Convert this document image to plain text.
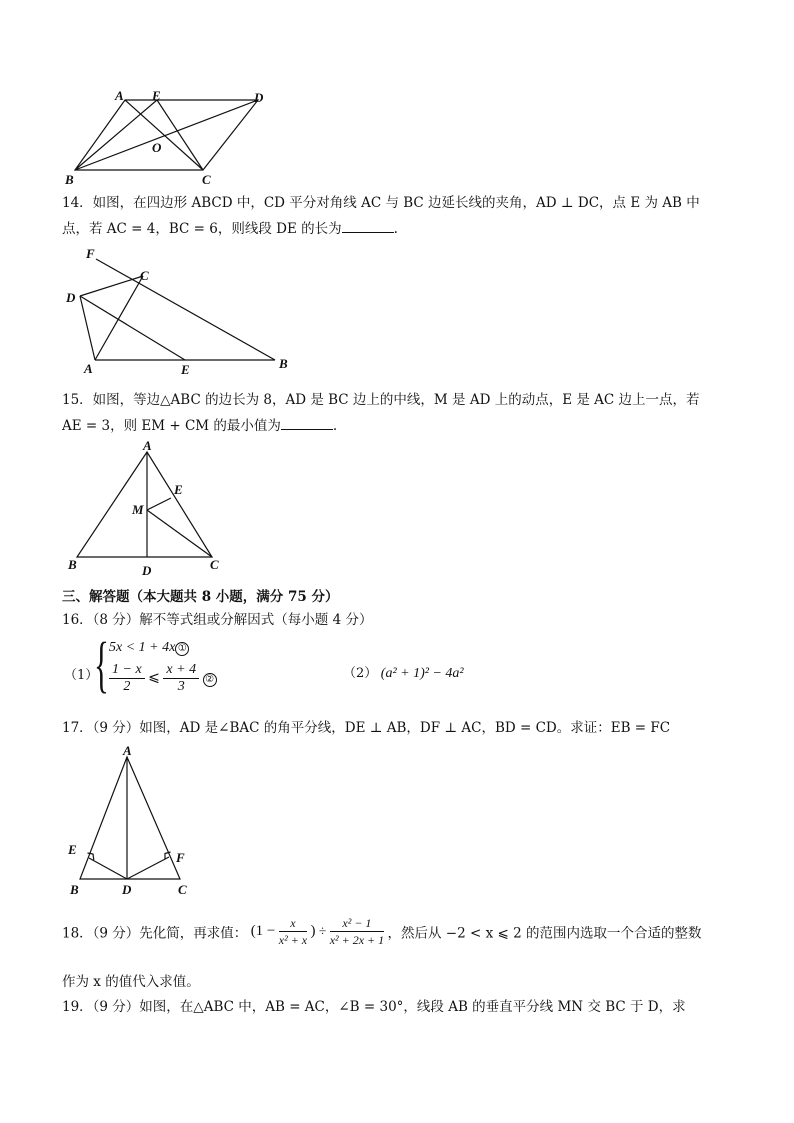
A E	D
O
B	C
14．如图，在四边形 ABCD 中，CD 平分对角线 AC 与 BC 边延长线的夹角，AD ⊥ DC，点 E 为 AB 中
点，若 AC = 4，BC = 6，则线段 DE 的长为	.
F
C
D
A	E	B
15．如图，等边△ABC 的边长为 8，AD 是 BC 边上的中线，M 是 AD 上的动点，E 是 AC 边上一点，若
AE = 3，则 EM + CM 的最小值为	.
A
E
M
B	D	C
三、解答题（本大题共 8 小题，满分 75 分）
16．（8 分）解不等式组或分解因式（每小题 4 分）
（1）
{ 5x < 1 + 4x ①
$\frac{1 - x}{2}$ ⩽ $\frac{x + 4}{3}$ ②	（2） (a² + 1)² − 4a²
17．（9 分）如图，AD 是∠BAC 的角平分线，DE ⊥ AB，DF ⊥ AC，BD = CD。求证：EB = FC
A
E
F
B	D	C
18．（9 分）先化简，再求值： ($1 - \frac{x}{\text{x² + x}}$ ) ÷ $\frac{\text{x² − 1}}{\text{x² + 2x + 1}}$ ，然后从 −2 < x ⩽ 2 的范围内选取一个合适的整数
作为 x 的值代入求值。
19．（9 分）如图，在△ABC 中，AB = AC，∠B = 30°，线段 AB 的垂直平分线 MN 交 BC 于 D，求
